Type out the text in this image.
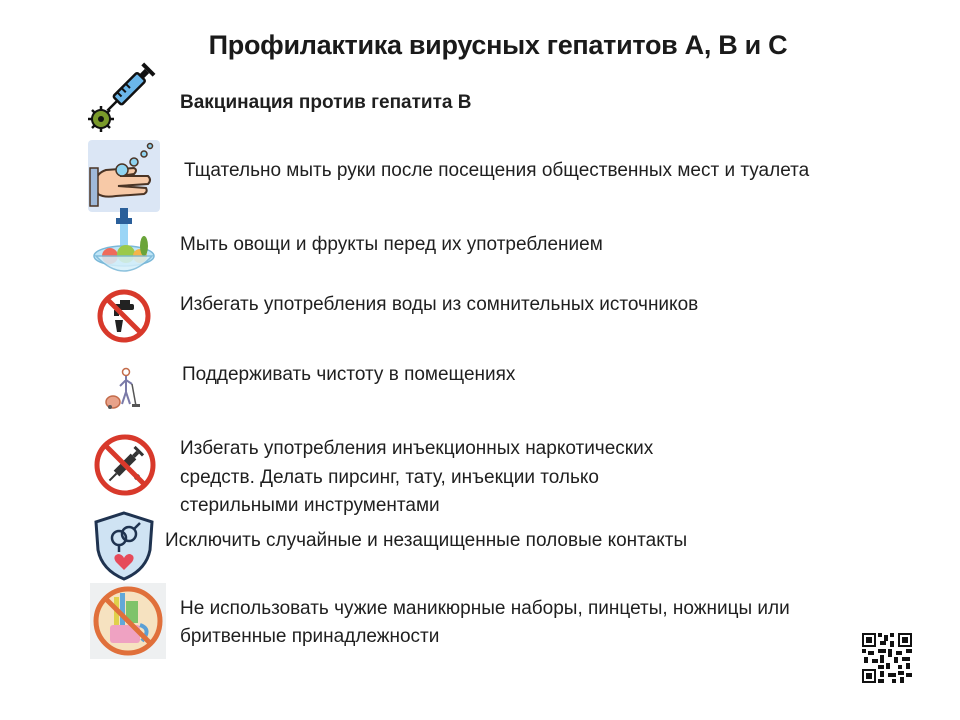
Профилактика вирусных гепатитов A, B и C
Вакцинация против гепатита В
Тщательно мыть руки после посещения общественных мест и туалета
Мыть овощи и фрукты перед их употреблением
Избегать употребления воды из сомнительных источников
Поддерживать чистоту в помещениях
Избегать употребления инъекционных наркотических
средств. Делать пирсинг, тату, инъекции только
стерильными инструментами
Исключить случайные и незащищенные половые контакты
Не использовать чужие маникюрные наборы, пинцеты, ножницы или
бритвенные принадлежности
